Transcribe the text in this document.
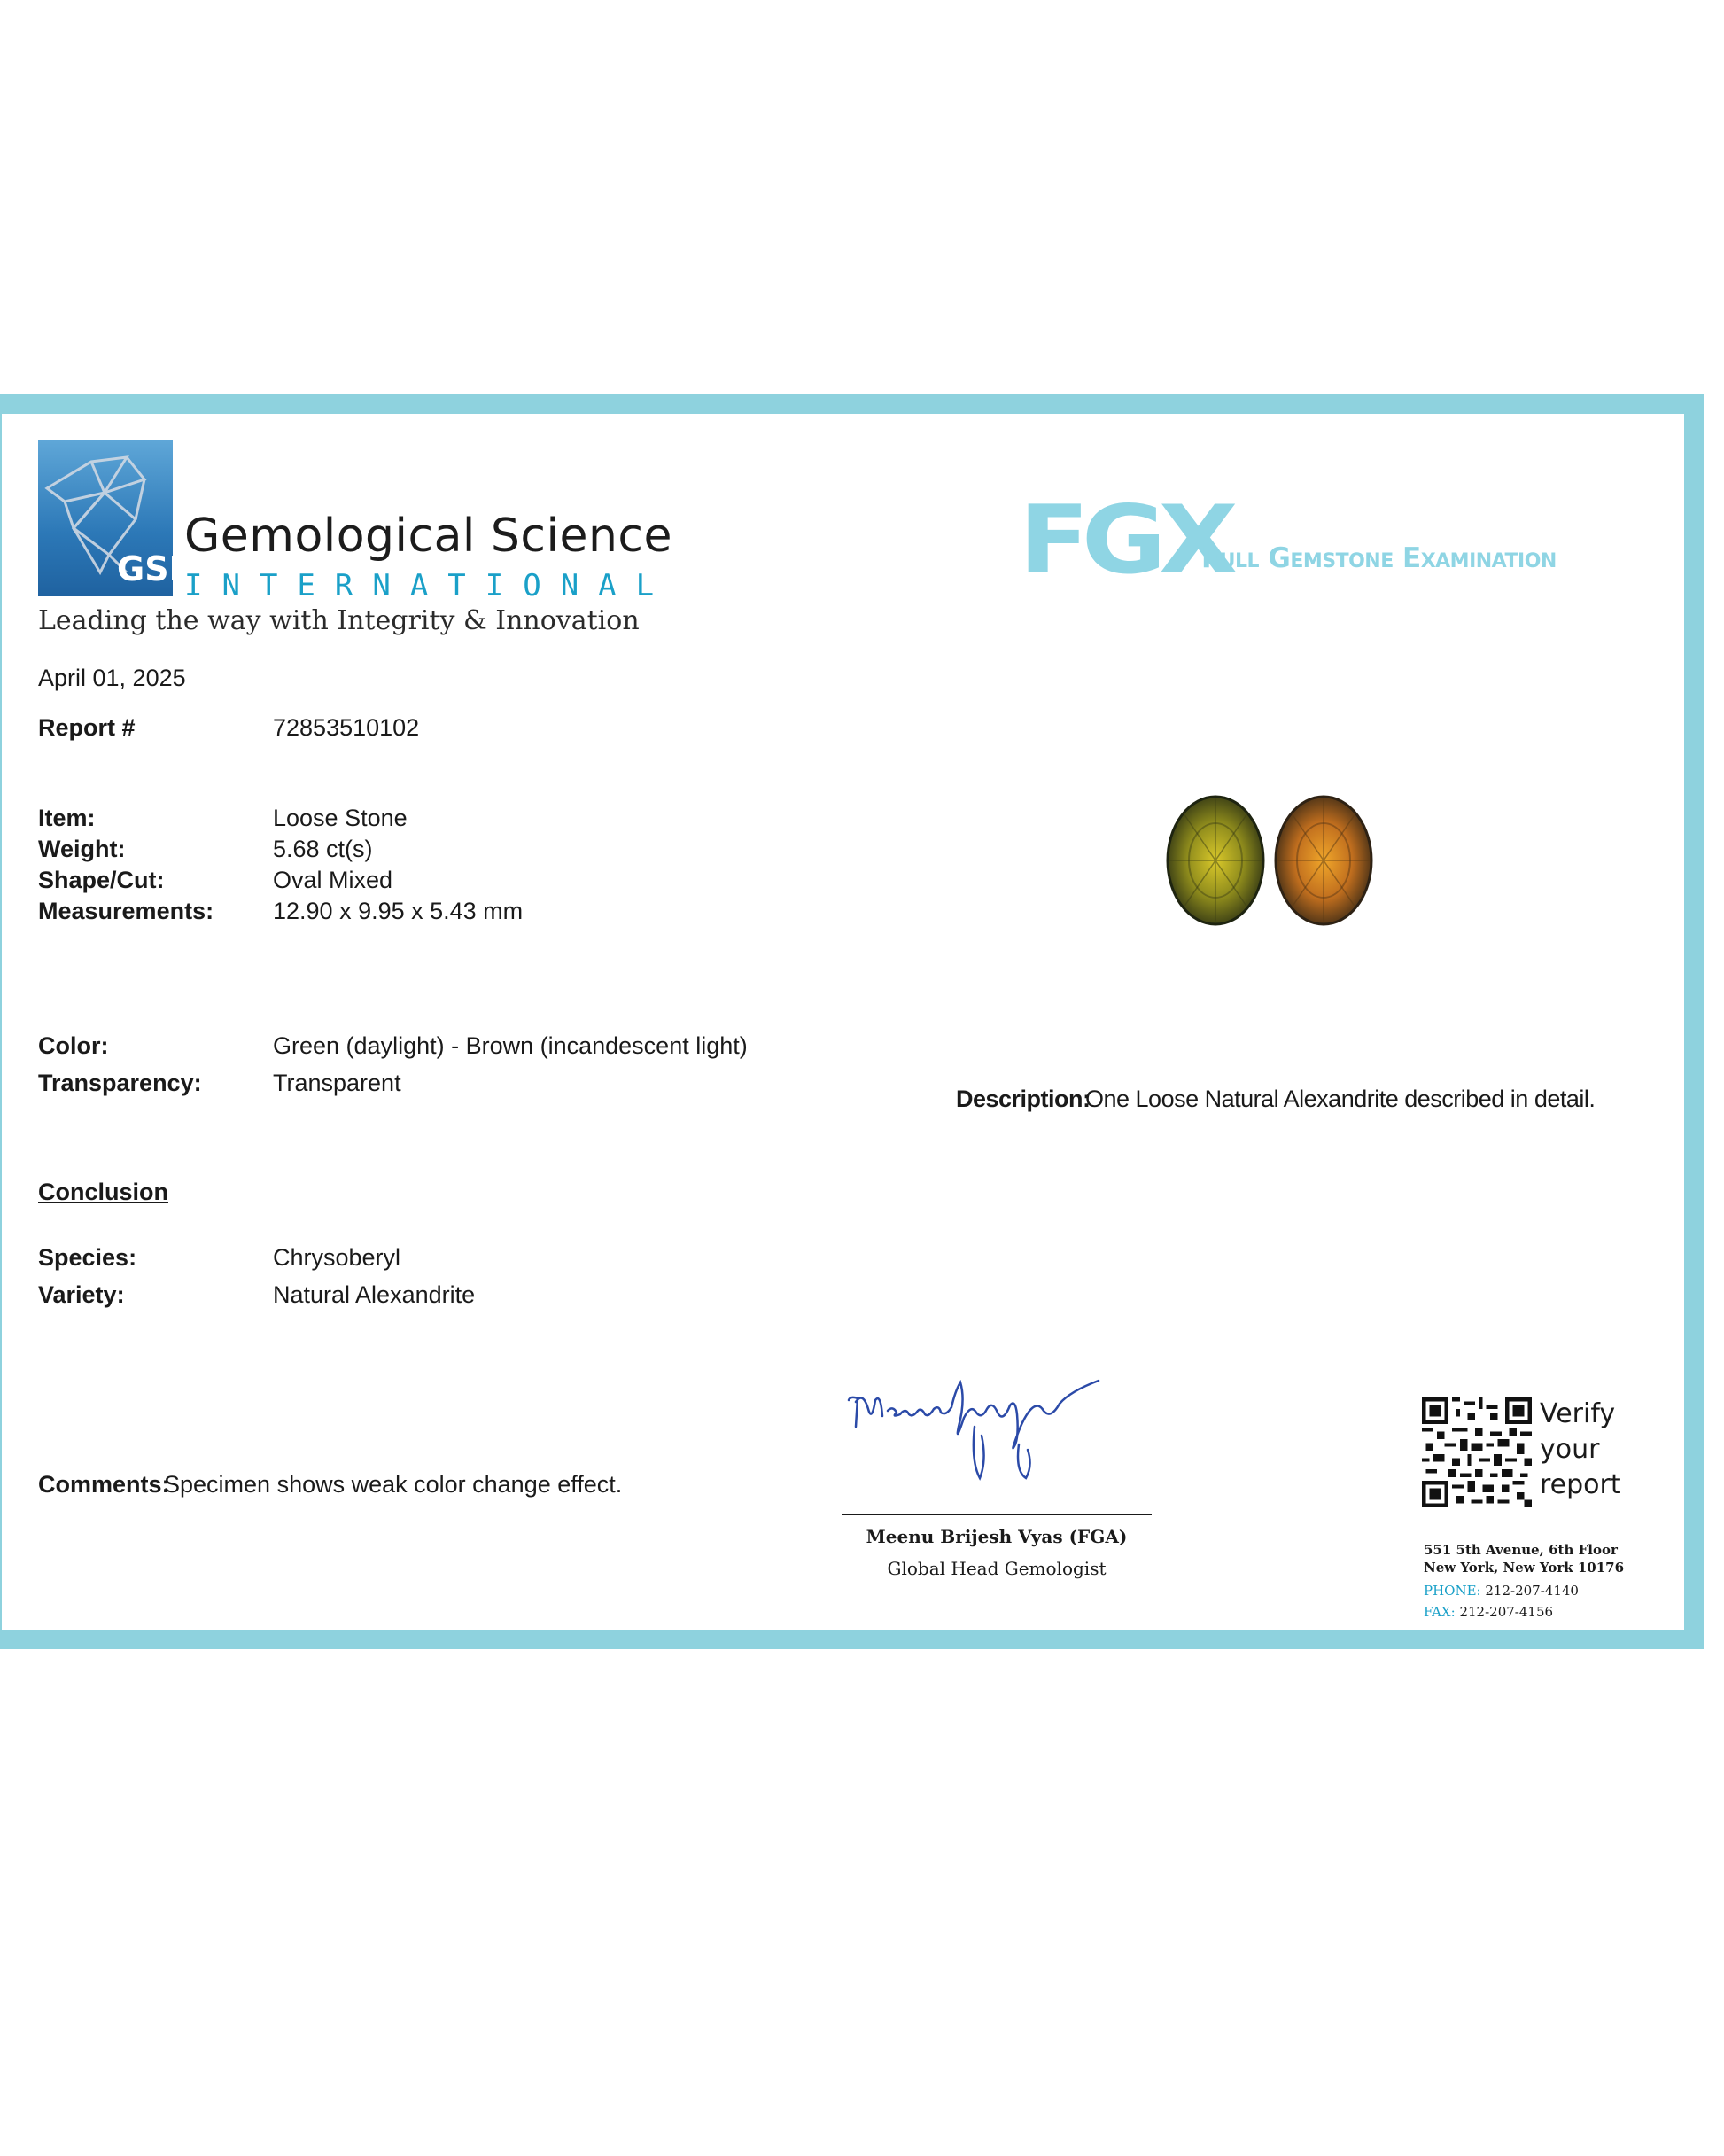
GSI
Gemological Science
INTERNATIONAL
Leading the way with Integrity & Innovation
FGX
Full Gemstone Examination
April 01, 2025
Report #	72853510102
Item:	Loose Stone
Weight:	5.68 ct(s)
Shape/Cut:	Oval Mixed
Measurements: 12.90 x 9.95 x 5.43 mm
Color:	Green (daylight) - Brown (incandescent light)
Transparency:	Transparent
Conclusion
Species:	Chrysoberyl
Variety:	Natural Alexandrite
Comments:
Specimen shows weak color change effect.
Description:
One Loose Natural Alexandrite described in detail.
Meenu Brijesh Vyas (FGA)
Global Head Gemologist
Verify
your
report
551 5th Avenue, 6th Floor
New York, New York 10176
PHONE: 212-207-4140
FAX: 212-207-4156
